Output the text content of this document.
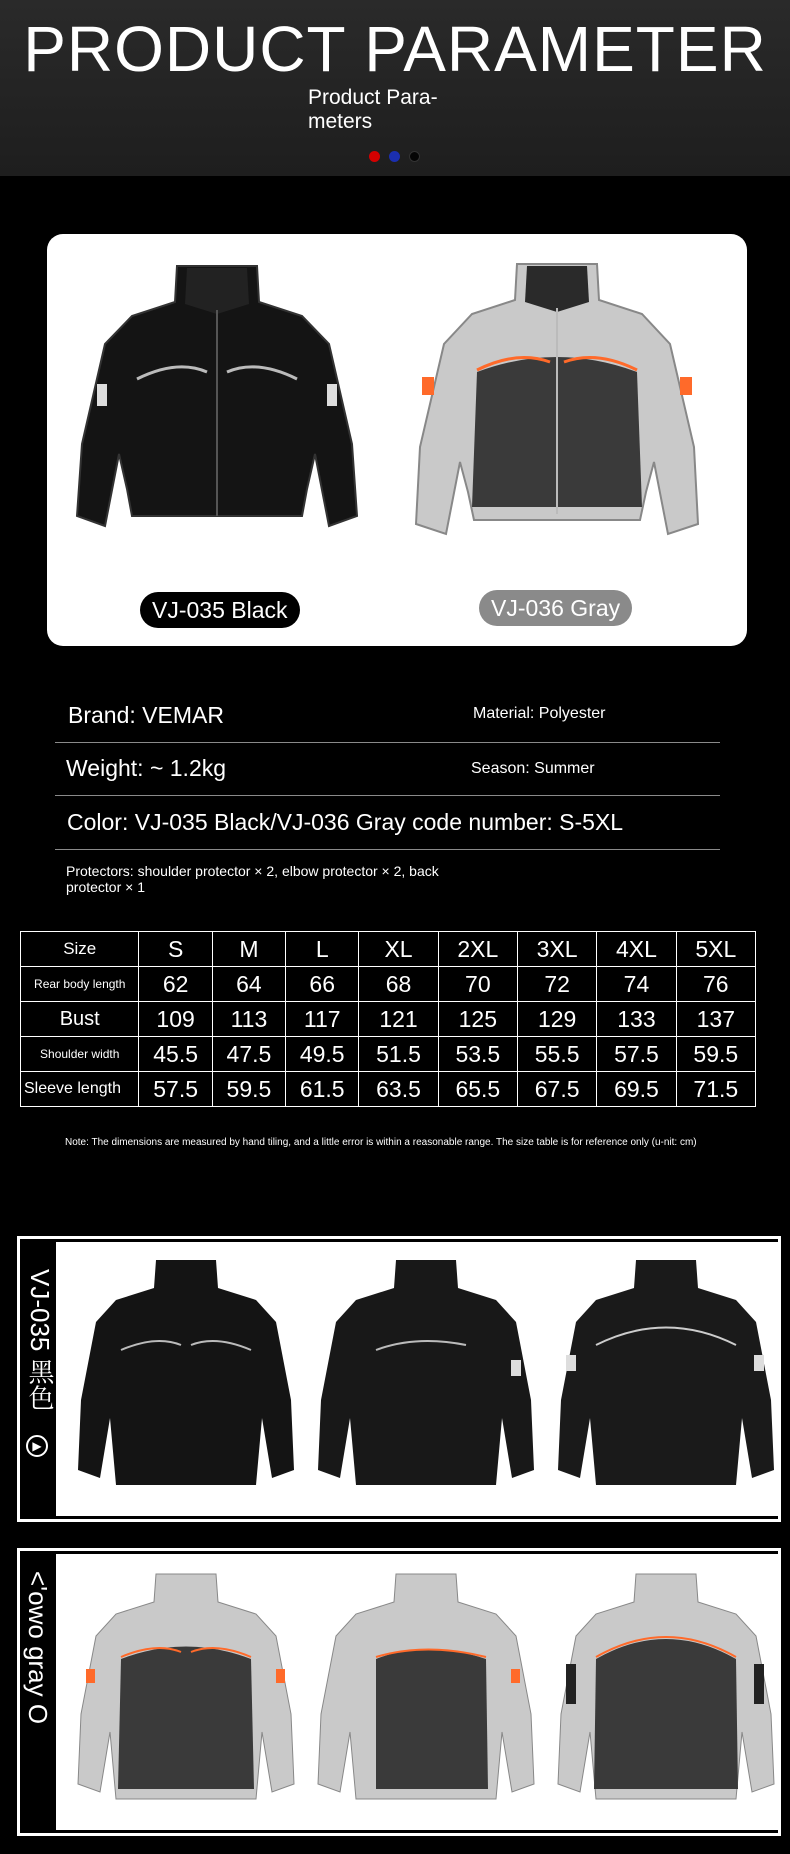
PRODUCT PARAMETER
Product Para-
meters
VJ-035 Black	VJ-036 Gray
Brand: VEMAR	Material: Polyester
Weight: ~ 1.2kg	Season: Summer
Color: VJ-035 Black/VJ-036 Gray code number: S-5XL
Protectors: shoulder protector × 2, elbow protector × 2, back protector × 1
Size	S	M	L	XL	2XL	3XL	4XL	5XL
Rear body length	62	64	66	68	70	72	74	76
Bust	109	113	117	121	125	129	133	137
Shoulder width	45.5	47.5	49.5	51.5	53.5	55.5	57.5	59.5
Sleeve length	57.5	59.5	61.5	63.5	65.5	67.5	69.5	71.5
Note: The dimensions are measured by hand tiling, and a little error is within a reasonable range. The size table is for reference only (u-nit: cm)
VJ-035 黑色
▶
<'owo gray O
